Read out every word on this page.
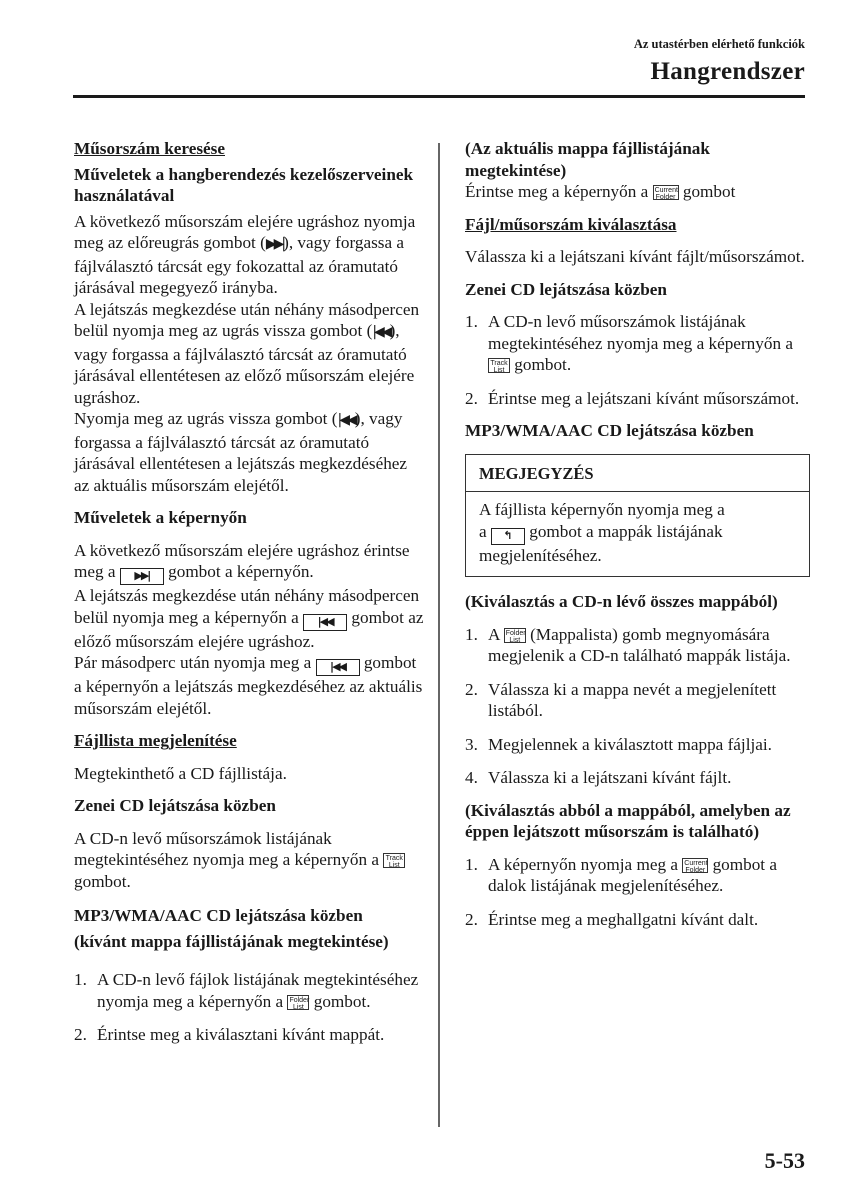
Az utastérben elérhető funkciók
Hangrendszer

Műsorszám keresése

Műveletek a hangberendezés kezelőszerveinek használatával

A következő műsorszám elejére ugráshoz nyomja meg az előreugrás gombot (▶▶|), vagy forgassa a fájlválasztó tárcsát egy fokozattal az óramutató járásával megegyező irányba.

A lejátszás megkezdése után néhány másodpercen belül nyomja meg az ugrás vissza gombot (|◀◀), vagy forgassa a fájlválasztó tárcsát az óramutató járásával ellentétesen az előző műsorszám elejére ugráshoz.

Nyomja meg az ugrás vissza gombot (|◀◀), vagy forgassa a fájlválasztó tárcsát az óramutató járásával ellentétesen a lejátszás megkezdéséhez az aktuális műsorszám elejétől.

Műveletek a képernyőn

A következő műsorszám elejére ugráshoz érintse meg a ▶▶| gombot a képernyőn.

A lejátszás megkezdése után néhány másodpercen belül nyomja meg a képernyőn a |◀◀ gombot az előző műsorszám elejére ugráshoz.

Pár másodperc után nyomja meg a |◀◀ gombot a képernyőn a lejátszás megkezdéséhez az aktuális műsorszám elejétől.

Fájllista megjelenítése

Megtekinthető a CD fájllistája.

Zenei CD lejátszása közben

A CD-n levő műsorszámok listájának megtekintéséhez nyomja meg a képernyőn a Track
List gombot.

MP3/WMA/AAC CD lejátszása közben

(kívánt mappa fájllistájának megtekintése)

1. A CD-n levő fájlok listájának megtekintéséhez nyomja meg a képernyőn a Folder
List gombot.
2. Érintse meg a kiválasztani kívánt mappát.

(Az aktuális mappa fájllistájának megtekintése)

Érintse meg a képernyőn a Current
Folder gombot

Fájl/műsorszám kiválasztása

Válassza ki a lejátszani kívánt fájlt/műsorszámot.

Zenei CD lejátszása közben

1. A CD-n levő műsorszámok listájának megtekintéséhez nyomja meg a képernyőn a Track
List gombot.
2. Érintse meg a lejátszani kívánt műsorszámot.

MP3/WMA/AAC CD lejátszása közben

MEGJEGYZÉS
A fájllista képernyőn nyomja meg a
a ↰ gombot a mappák listájának megjelenítéséhez.

(Kiválasztás a CD-n lévő összes mappából)

1. A Folder
List (Mappalista) gomb megnyomására megjelenik a CD-n található mappák listája.
2. Válassza ki a mappa nevét a megjelenített listából.
3. Megjelennek a kiválasztott mappa fájljai.
4. Válassza ki a lejátszani kívánt fájlt.

(Kiválasztás abból a mappából, amelyben az éppen lejátszott műsorszám is található)

1. A képernyőn nyomja meg a Current
Folder gombot a dalok listájának megjelenítéséhez.
2. Érintse meg a meghallgatni kívánt dalt.
5-53
